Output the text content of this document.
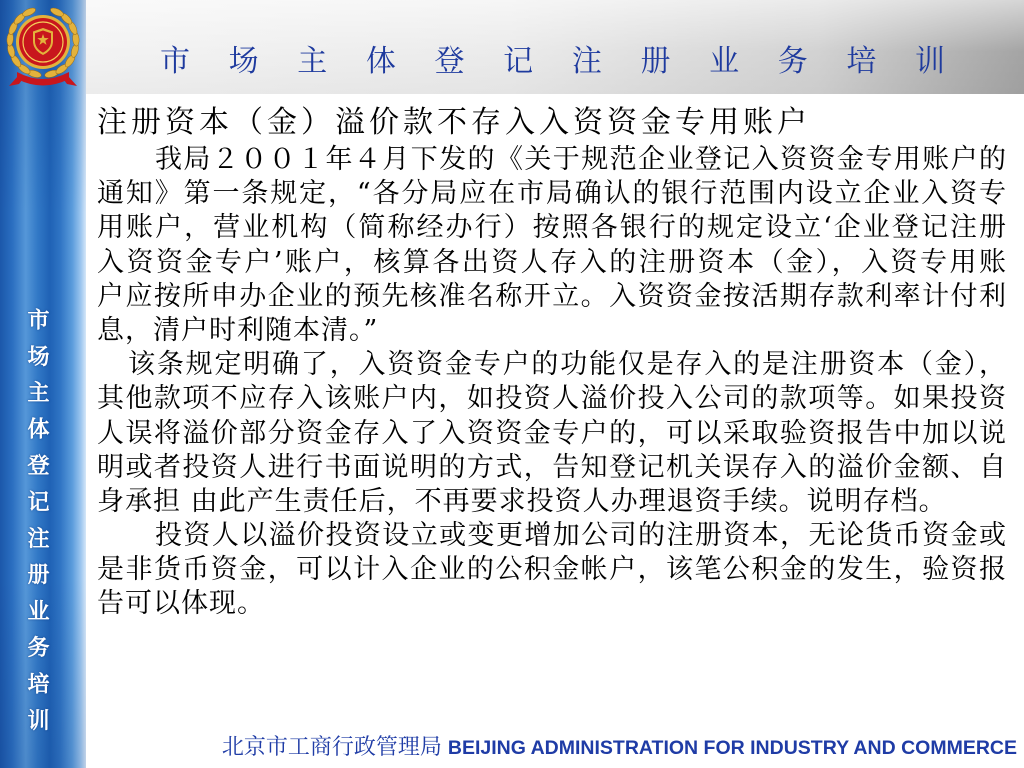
市场主体登记注册业务培训
市 场 主 体 登 记 注 册 业 务 培 训
注册资本（金）溢价款不存入入资资金专用账户
我局２００１年４月下发的《关于规范企业登记入资资金专用账户的
通知》第一条规定，“各分局应在市局确认的银行范围内设立企业入资专
用账户，营业机构（简称经办行）按照各银行的规定设立‘企业登记注册
入资资金专户’账户，核算各出资人存入的注册资本（金），入资专用账
户应按所申办企业的预先核准名称开立。入资资金按活期存款利率计付利
息，清户时利随本清。”
该条规定明确了，入资资金专户的功能仅是存入的是注册资本（金），
其他款项不应存入该账户内，如投资人溢价投入公司的款项等。如果投资
人误将溢价部分资金存入了入资资金专户的，可以采取验资报告中加以说
明或者投资人进行书面说明的方式，告知登记机关误存入的溢价金额、自
身承担 由此产生责任后，不再要求投资人办理退资手续。说明存档。
投资人以溢价投资设立或变更增加公司的注册资本，无论货币资金或
是非货币资金，可以计入企业的公积金帐户，该笔公积金的发生，验资报
告可以体现。
北京市工商行政管理局 BEIJING ADMINISTRATION FOR INDUSTRY AND COMMERCE
